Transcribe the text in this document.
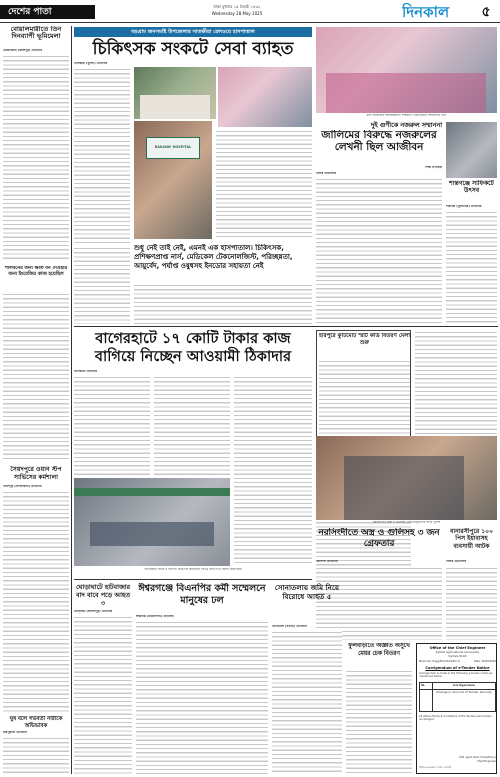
দেশের পাতা
ঢাকা বুধবার ১৫ জ্যৈষ্ঠ ১৪৩২
Wednesday 28 May 2025	দিনকাল	৫
বোয়ালমারীতে তিন দিনব্যাপী ভূমিমেলা
বোয়ালমারী (ফরিদপুর) প্রতিনিধি
শালবনের জন্য ক্ষতি বন দেওয়ার জন্য ইংরেজির কাজ হয়েছিল
সৈয়দপুরে ওয়ান স্টপ সার্ভিসের কর্মশালা
সৈয়দপুর (নীলফামারী) প্রতিনিধি
ঘুষ বলে গর্ভবতী নারীকে অভিভাবক
জয়পুরহাট প্রতিনিধি
বড়গ্রাম জনসমষ্টি উপজেলার সাতক্ষীরা রেলওয়ে হাসপাতাল
চিকিৎসক সংকটে সেবা ব্যাহত
সাতক্ষীরা (খুলনা) প্রতিনিধি
RAILWAY HOSPITAL
শুধু নেই তাই নেই, এমনই এক হাসপাতাল। চিকিৎসক, প্রশিক্ষণপ্রাপ্ত নার্স, মেডিকেল টেকনোলজিস্ট, পরিচ্ছন্নতা, আয়ুর্বেদ, পর্যাপ্ত ওষুধসহ ইনডোর সহায়তা নেই
কবি নজরুলের জন্মজয়ন্তীতে শিল্পকলা একাডেমিতে আলোচনা সভা
দুই গুণীকে নজরুল সম্মাননা
জালিমের বিরুদ্ধে নজরুলের লেখনী ছিল আজীবন
শিক্ষা উপদেষ্টা
নিজস্ব প্রতিবেদক
শান্তগঞ্জে সাফিকটে উৎসব
শান্তগঞ্জ (সুনামগঞ্জ) প্রতিনিধি
বাগেরহাটে ১৭ কোটি টাকার কাজ বাগিয়ে নিচ্ছেন আওয়ামী ঠিকাদার
বাগেরহাট প্রতিনিধি
বাগেরহাটে সড়ক ও জনপথ বিভাগের কার্যালয়ে দরপত্র জমা দিতে আসা ঠিকাদাররা
হরিপুরে কুটিমোট স্মার্ট কার্ড বিতরণ মেলা শুরু
নরসিংদীতে অস্ত্র ও গুলিসহ গ্রেফতারকৃতদের সাথে পুলিশ
নরসিংদীতে অস্ত্র ও গুলিসহ ৩ জন গ্রেফতার
নরসিংদী প্রতিনিধি
বানারসীপুরে ১০০ পিস ইয়াবাসহ ব্যবসায়ী আটক
নিজস্ব প্রতিবেদক
ঘোড়াঘাটে হাটবাজার বাদ বাবে পড়ে আহত ৩
ঘোড়াঘাট (দিনাজপুর) প্রতিনিধি
ঈশ্বরগঞ্জে বিএনপির কর্মী সম্মেলনে মানুষের ঢল
ঈশ্বরগঞ্জ (ময়মনসিংহ) প্রতিনিধি
সোনাতলায় জমি নিয়ে বিরোধে আহত ৫
সোনাতলা (বগুড়া) প্রতিনিধি
ফুলবাড়ীতে অজ্ঞাত অসুখে মেয়র চেক বিতরণ
Office of the Chief Engineer
Sylhet Agricultural University
Sylhet-3100
Memo No: Engg/361/24/2025 (ক)	Date: 26/05/2025
Corrigendum of e-Tender Notice
Corrigendum is made in the following e-tender notice as mentioned below:
SL	Corrigendum
Change in amount of Tender Security
All others Terms & Conditions of the Tenders will remain unchanged.
(Md. Jayid Alam Chowdhury)
Chief Engineer
জিডি-৯৯০(৪/৫ সে×২ কলাম)
